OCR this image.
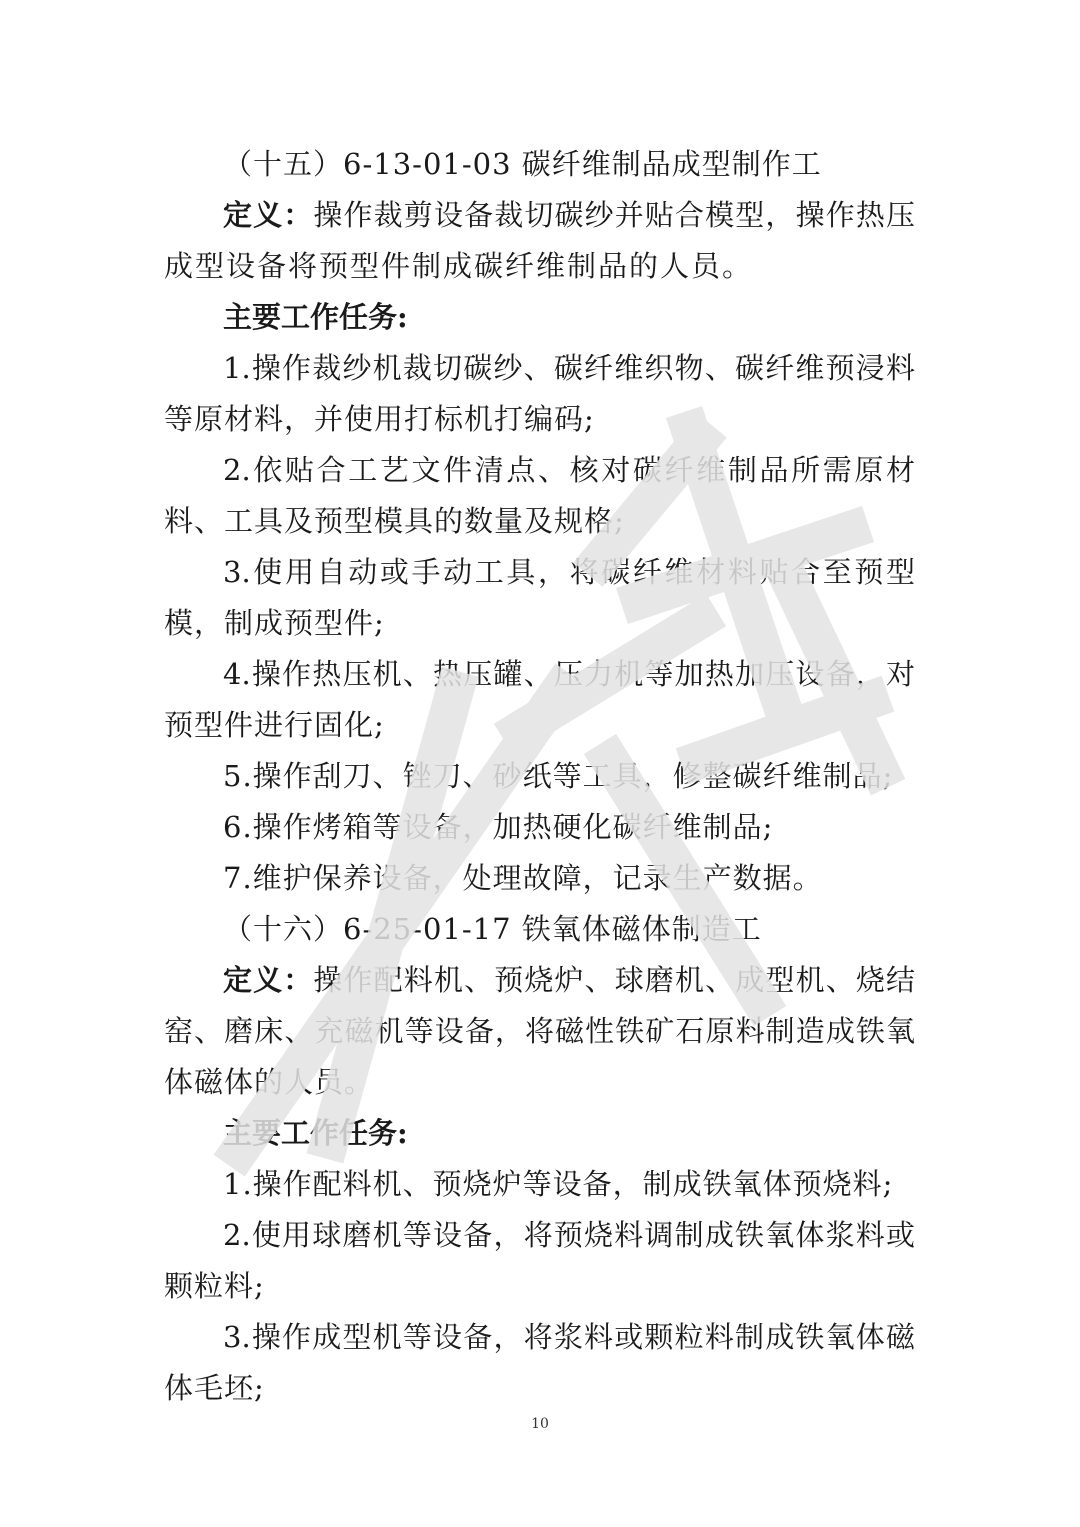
（十五）6-13-01-03 碳纤维制品成型制作工
定义：操作裁剪设备裁切碳纱并贴合模型，操作热压
成型设备将预型件制成碳纤维制品的人员。
主要工作任务:
1.操作裁纱机裁切碳纱、碳纤维织物、碳纤维预浸料
等原材料，并使用打标机打编码;
2.依贴合工艺文件清点、核对碳纤维制品所需原材
料、工具及预型模具的数量及规格;
3.使用自动或手动工具，将碳纤维材料贴合至预型
模，制成预型件;
4.操作热压机、热压罐、压力机等加热加压设备，对
预型件进行固化;
5.操作刮刀、锉刀、砂纸等工具，修整碳纤维制品;
6.操作烤箱等设备，加热硬化碳纤维制品;
7.维护保养设备，处理故障，记录生产数据。
（十六）6-25-01-17 铁氧体磁体制造工
定义：操作配料机、预烧炉、球磨机、成型机、烧结
窑、磨床、充磁机等设备，将磁性铁矿石原料制造成铁氧
体磁体的人员。
主要工作任务:
1.操作配料机、预烧炉等设备，制成铁氧体预烧料;
2.使用球磨机等设备，将预烧料调制成铁氧体浆料或
颗粒料;
3.操作成型机等设备，将浆料或颗粒料制成铁氧体磁
体毛坯;
10
